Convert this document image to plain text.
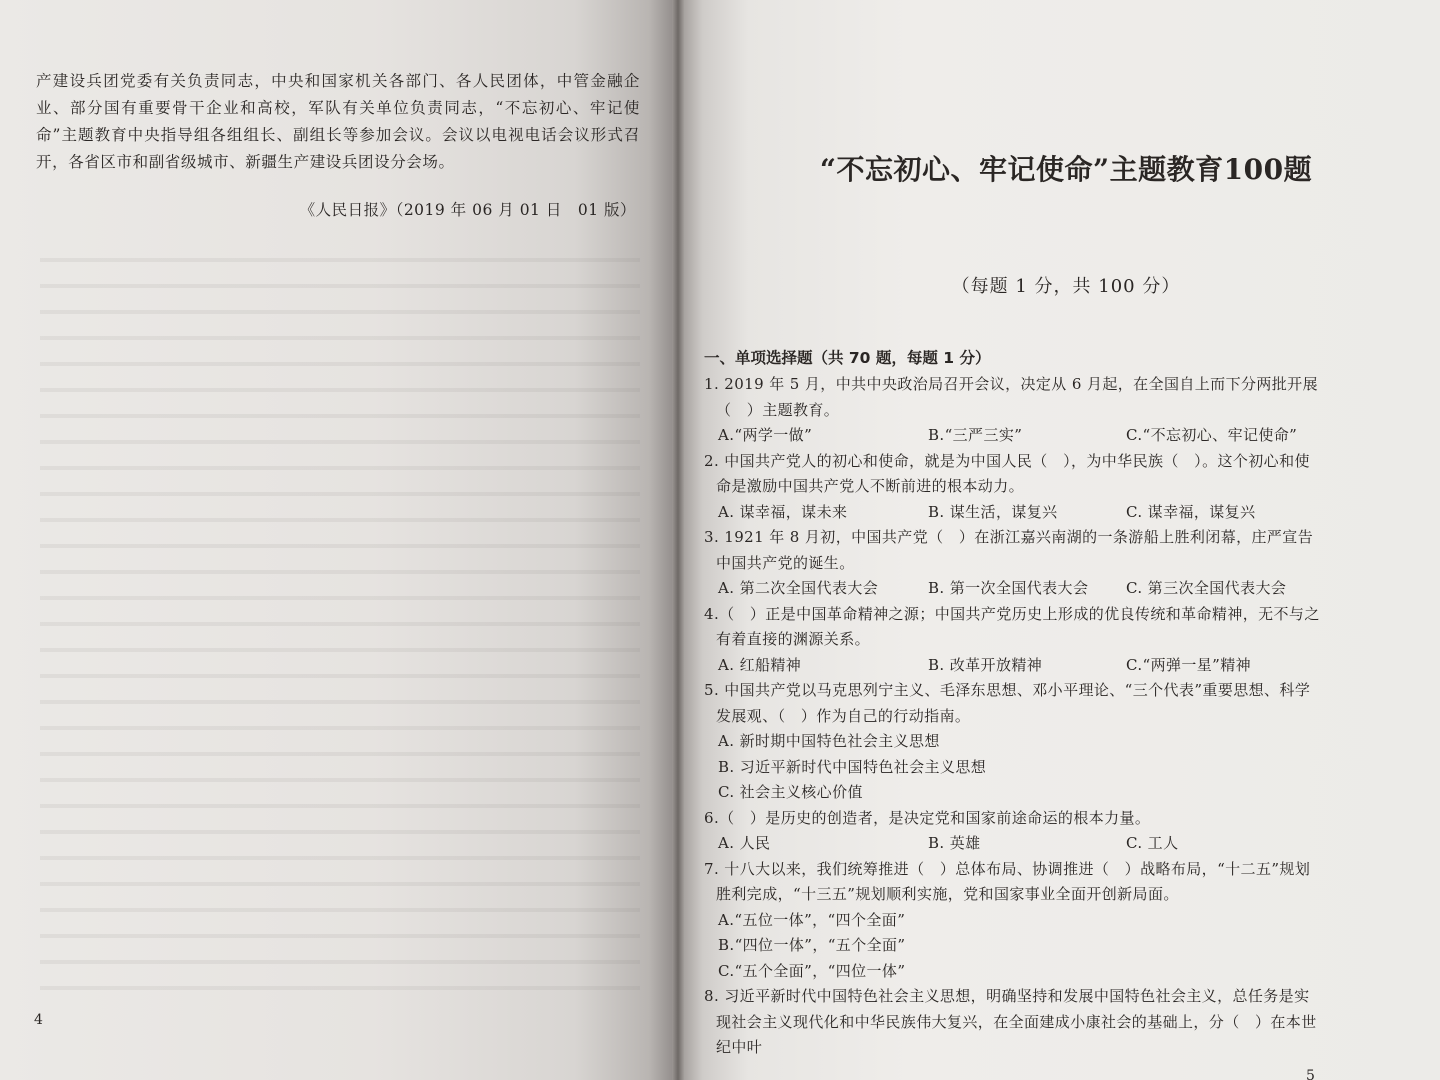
产建设兵团党委有关负责同志，中央和国家机关各部门、各人民团体，中管金融企业、部分国有重要骨干企业和高校，军队有关单位负责同志，“不忘初心、牢记使命”主题教育中央指导组各组组长、副组长等参加会议。会议以电视电话会议形式召开，各省区市和副省级城市、新疆生产建设兵团设分会场。
《人民日报》（2019 年 06 月 01 日　01 版）
4
“不忘初心、牢记使命”主题教育100题
（每题 1 分，共 100 分）
一、单项选择题（共 70 题，每题 1 分）
1. 2019 年 5 月，中共中央政治局召开会议，决定从 6 月起，在全国自上而下分两批开展（　）主题教育。
A.“两学一做”	B.“三严三实”	C.“不忘初心、牢记使命”
2. 中国共产党人的初心和使命，就是为中国人民（　），为中华民族（　）。这个初心和使命是激励中国共产党人不断前进的根本动力。
A. 谋幸福，谋未来	B. 谋生活，谋复兴	C. 谋幸福，谋复兴
3. 1921 年 8 月初，中国共产党（　）在浙江嘉兴南湖的一条游船上胜利闭幕，庄严宣告中国共产党的诞生。
A. 第二次全国代表大会	B. 第一次全国代表大会	C. 第三次全国代表大会
4.（　）正是中国革命精神之源；中国共产党历史上形成的优良传统和革命精神，无不与之有着直接的渊源关系。
A. 红船精神	B. 改革开放精神	C.“两弹一星”精神
5. 中国共产党以马克思列宁主义、毛泽东思想、邓小平理论、“三个代表”重要思想、科学发展观、（　）作为自己的行动指南。
A. 新时期中国特色社会主义思想
B. 习近平新时代中国特色社会主义思想
C. 社会主义核心价值
6.（　）是历史的创造者，是决定党和国家前途命运的根本力量。
A. 人民	B. 英雄	C. 工人
7. 十八大以来，我们统筹推进（　）总体布局、协调推进（　）战略布局，“十二五”规划胜利完成，“十三五”规划顺利实施，党和国家事业全面开创新局面。
A.“五位一体”，“四个全面”
B.“四位一体”，“五个全面”
C.“五个全面”，“四位一体”
8. 习近平新时代中国特色社会主义思想，明确坚持和发展中国特色社会主义，总任务是实现社会主义现代化和中华民族伟大复兴，在全面建成小康社会的基础上，分（　）在本世纪中叶
5
